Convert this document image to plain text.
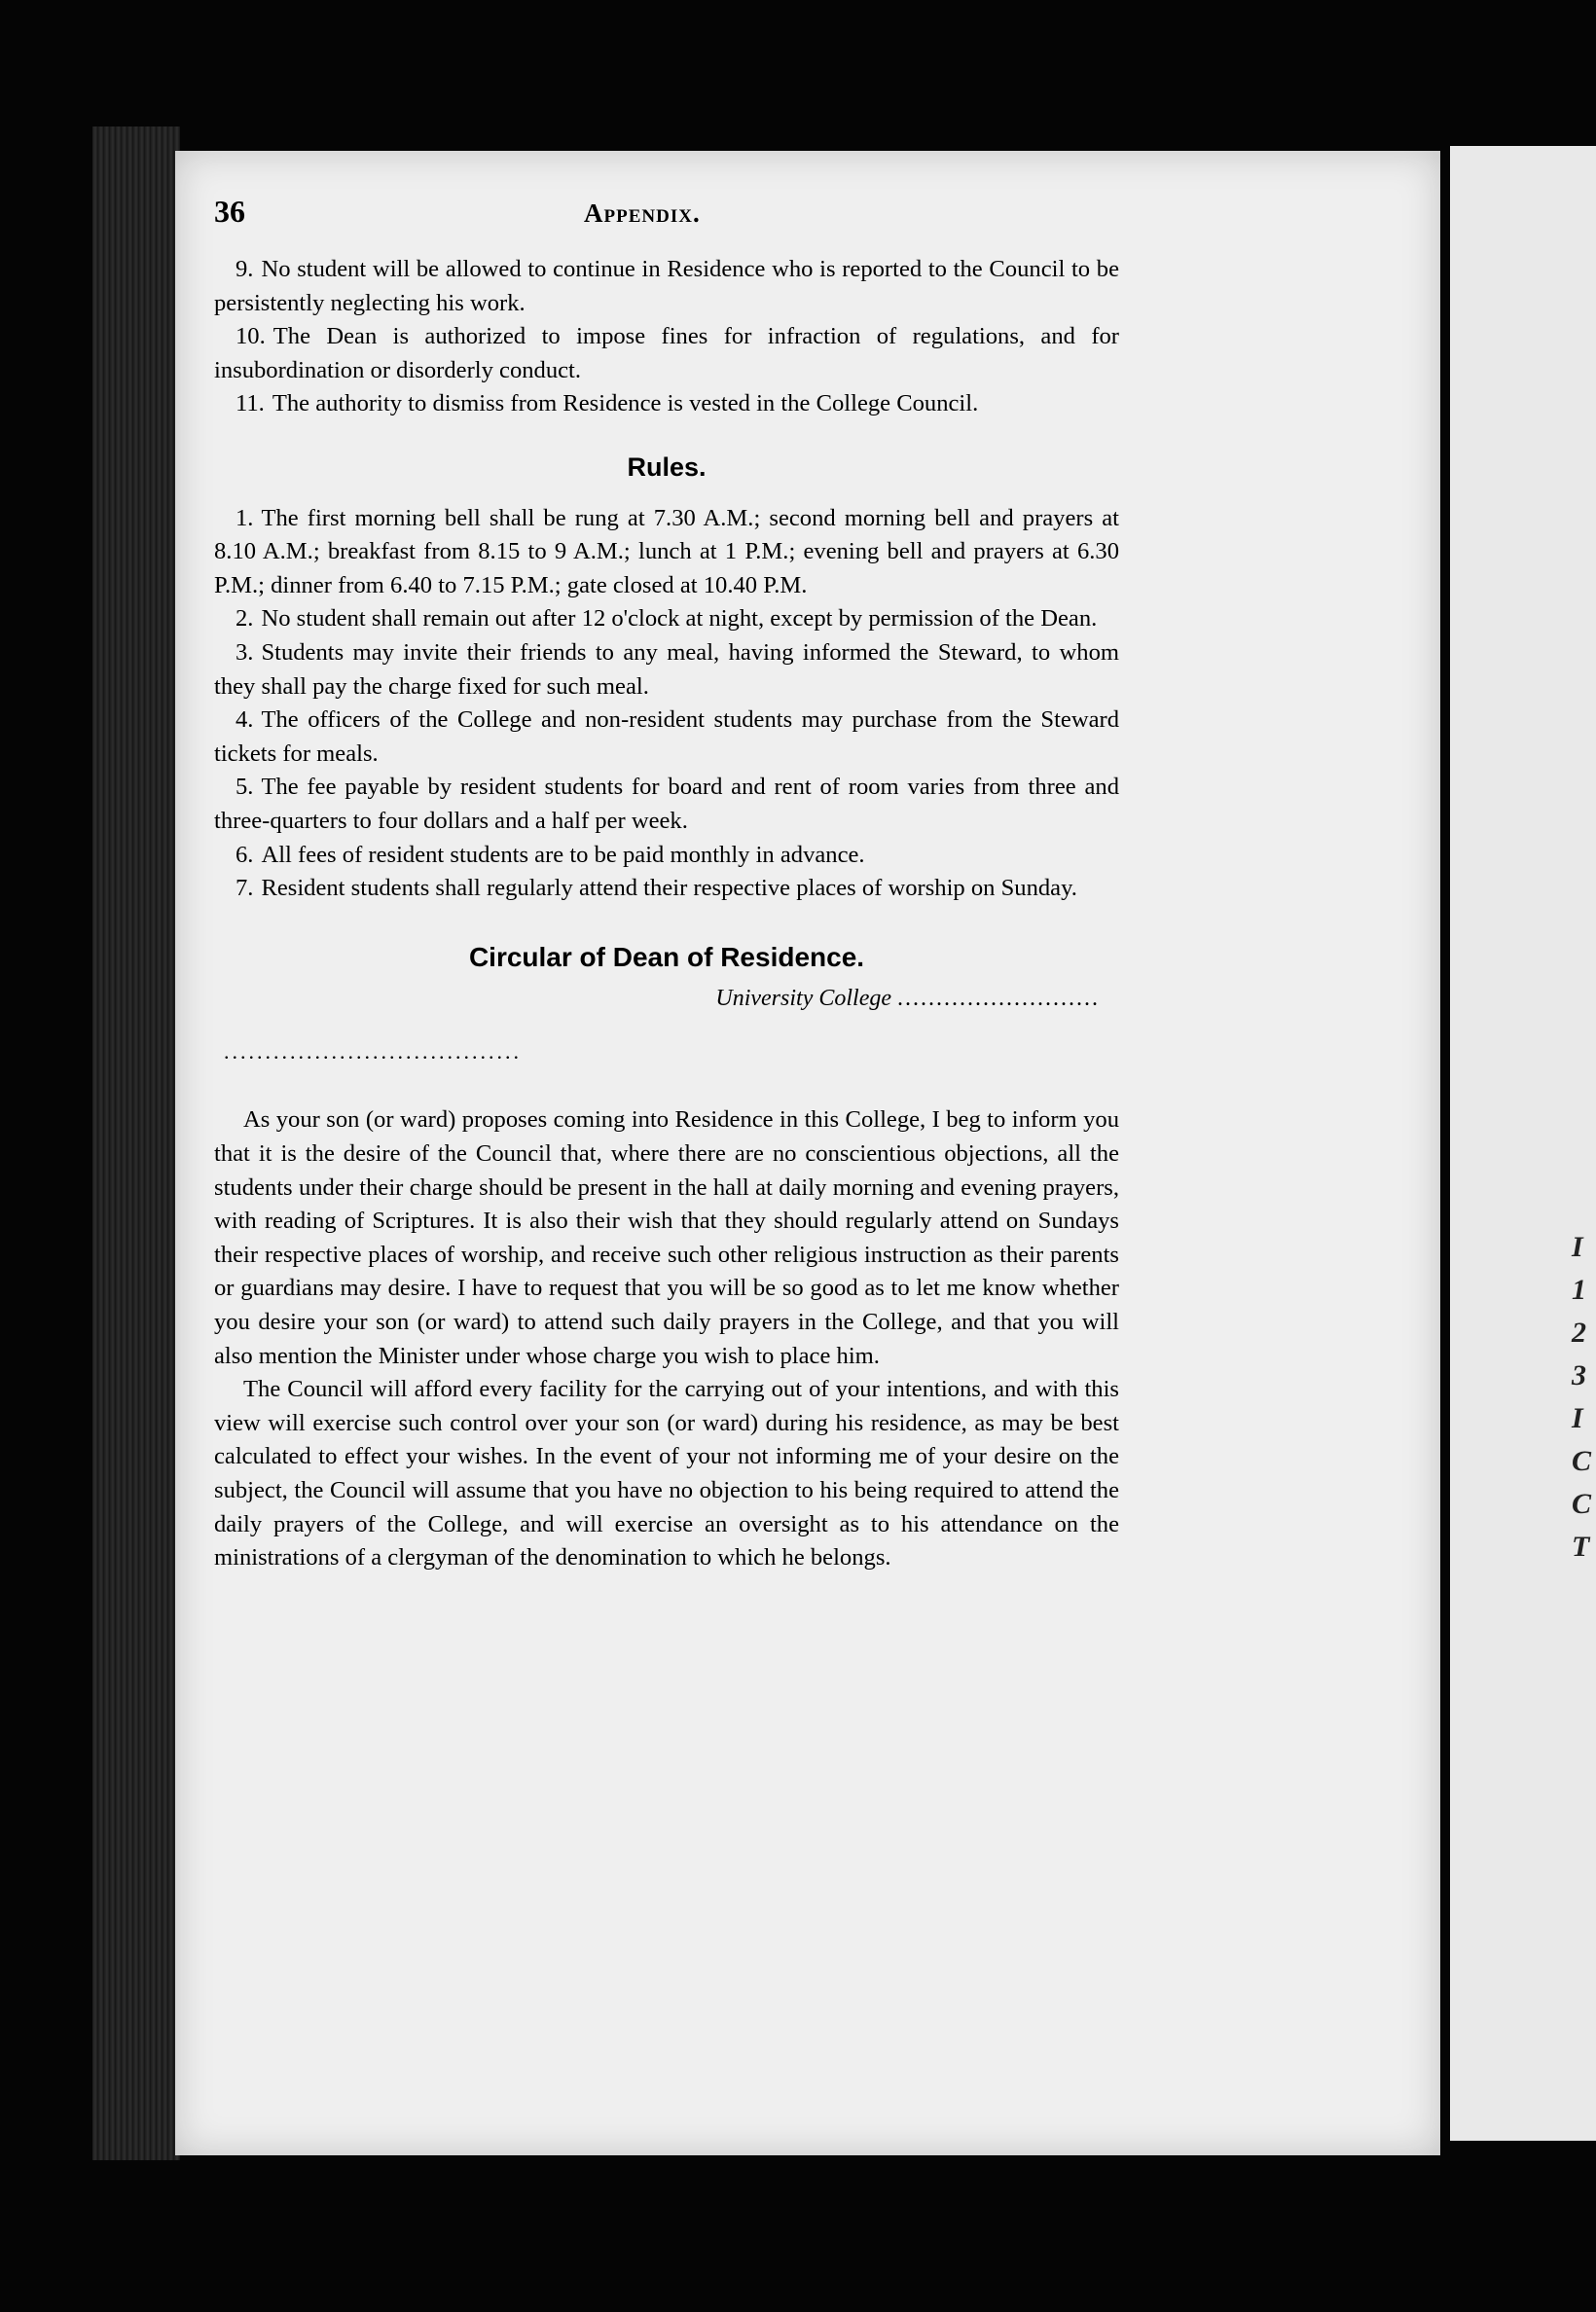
I
1
2
3
I
C
C
T
36	Appendix.

9. No student will be allowed to continue in Residence who is reported to the Council to be persistently neglecting his work.

10. The Dean is authorized to impose fines for infraction of regulations, and for insubordination or disorderly conduct.

11. The authority to dismiss from Residence is vested in the College Council.

Rules.

1. The first morning bell shall be rung at 7.30 A.M.; second morning bell and prayers at 8.10 A.M.; breakfast from 8.15 to 9 A.M.; lunch at 1 P.M.; evening bell and prayers at 6.30 P.M.; dinner from 6.40 to 7.15 P.M.; gate closed at 10.40 P.M.

2. No student shall remain out after 12 o'clock at night, except by permission of the Dean.

3. Students may invite their friends to any meal, having informed the Steward, to whom they shall pay the charge fixed for such meal.

4. The officers of the College and non-resident students may purchase from the Steward tickets for meals.

5. The fee payable by resident students for board and rent of room varies from three and three-quarters to four dollars and a half per week.

6. All fees of resident students are to be paid monthly in advance.

7. Resident students shall regularly attend their respective places of worship on Sunday.

Circular of Dean of Residence.
University College ..........................
....................................

As your son (or ward) proposes coming into Residence in this College, I beg to inform you that it is the desire of the Council that, where there are no conscientious objections, all the students under their charge should be present in the hall at daily morning and evening prayers, with reading of Scriptures. It is also their wish that they should regularly attend on Sundays their respective places of worship, and receive such other religious instruction as their parents or guardians may desire. I have to request that you will be so good as to let me know whether you desire your son (or ward) to attend such daily prayers in the College, and that you will also mention the Minister under whose charge you wish to place him.

The Council will afford every facility for the carrying out of your intentions, and with this view will exercise such control over your son (or ward) during his residence, as may be best calculated to effect your wishes. In the event of your not informing me of your desire on the subject, the Council will assume that you have no objection to his being required to attend the daily prayers of the College, and will exercise an oversight as to his attendance on the ministrations of a clergyman of the denomination to which he belongs.
